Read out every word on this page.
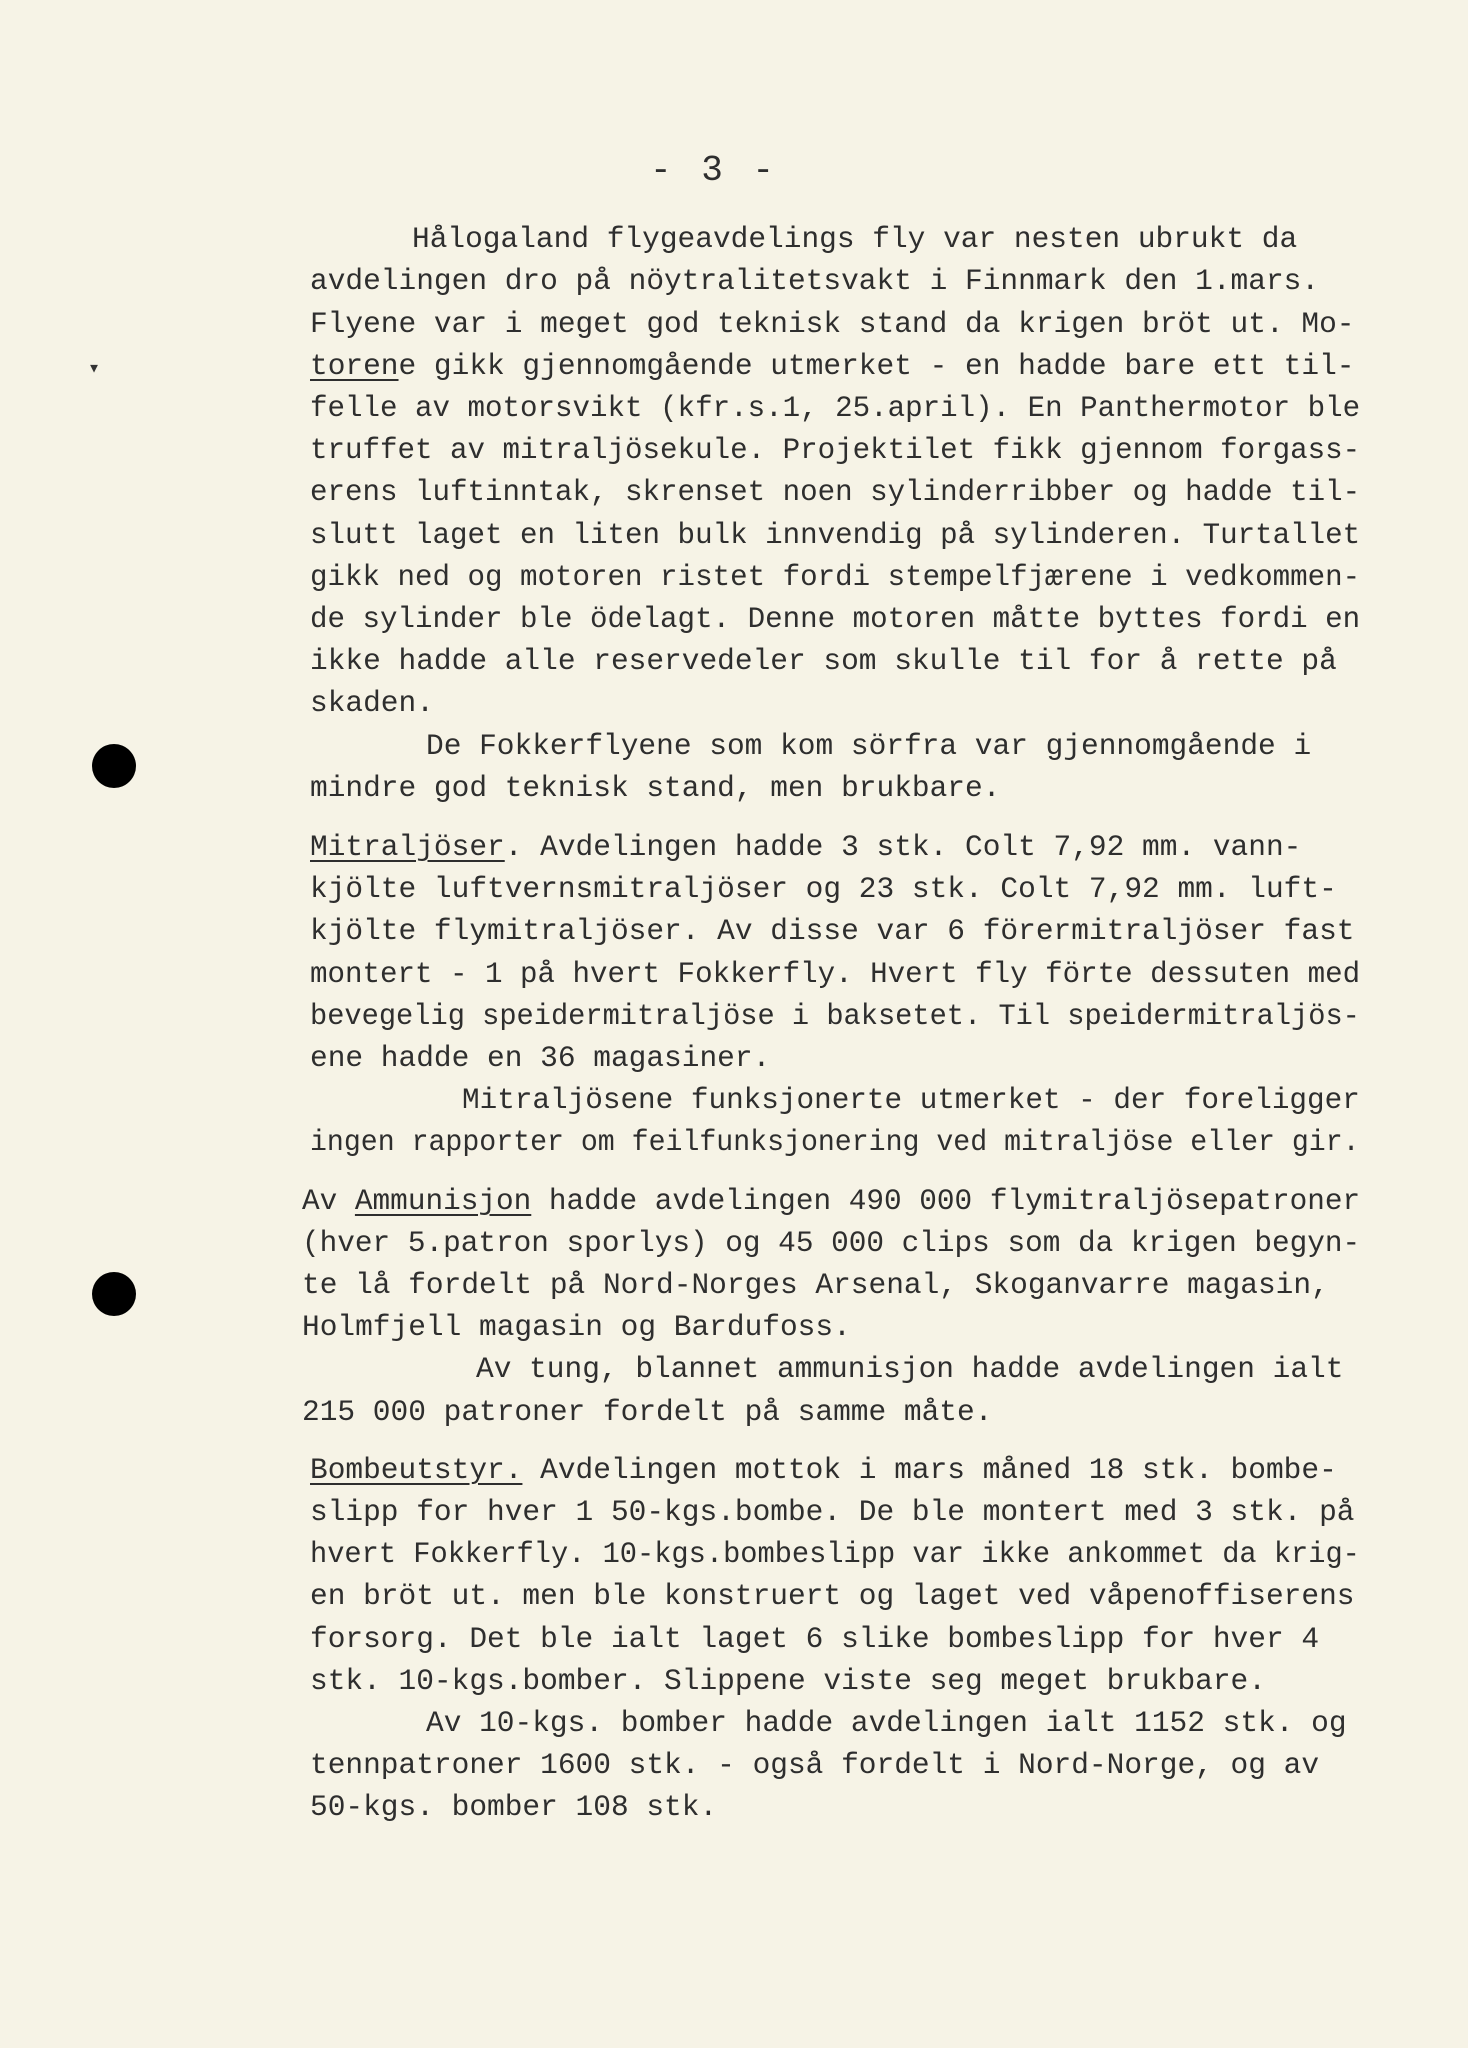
- 3 -
▾
Hålogaland flygeavdelings fly var nesten ubrukt da
avdelingen dro på nöytralitetsvakt i Finnmark den 1.mars.
Flyene var i meget god teknisk stand da krigen bröt ut. Mo-
torene gikk gjennomgående utmerket - en hadde bare ett til-
felle av motorsvikt (kfr.s.1, 25.april). En Panthermotor ble
truffet av mitraljösekule. Projektilet fikk gjennom forgass-
erens luftinntak, skrenset noen sylinderribber og hadde til-
slutt laget en liten bulk innvendig på sylinderen. Turtallet
gikk ned og motoren ristet fordi stempelfjærene i vedkommen-
de sylinder ble ödelagt. Denne motoren måtte byttes fordi en
ikke hadde alle reservedeler som skulle til for å rette på
skaden.
De Fokkerflyene som kom sörfra var gjennomgående i
mindre god teknisk stand, men brukbare.
Mitraljöser. Avdelingen hadde 3 stk. Colt 7,92 mm. vann-
kjölte luftvernsmitraljöser og 23 stk. Colt 7,92 mm. luft-
kjölte flymitraljöser. Av disse var 6 förermitraljöser fast
montert - 1 på hvert Fokkerfly. Hvert fly förte dessuten med
bevegelig speidermitraljöse i baksetet. Til speidermitraljös-
ene hadde en 36 magasiner.
Mitraljösene funksjonerte utmerket - der foreligger
ingen rapporter om feilfunksjonering ved mitraljöse eller gir.
Av Ammunisjon hadde avdelingen 490 000 flymitraljösepatroner
(hver 5.patron sporlys) og 45 000 clips som da krigen begyn-
te lå fordelt på Nord-Norges Arsenal, Skoganvarre magasin,
Holmfjell magasin og Bardufoss.
Av tung, blannet ammunisjon hadde avdelingen ialt
215 000 patroner fordelt på samme måte.
Bombeutstyr. Avdelingen mottok i mars måned 18 stk. bombe-
slipp for hver 1 50-kgs.bombe. De ble montert med 3 stk. på
hvert Fokkerfly. 10-kgs.bombeslipp var ikke ankommet da krig-
en bröt ut. men ble konstruert og laget ved våpenoffiserens
forsorg. Det ble ialt laget 6 slike bombeslipp for hver 4
stk. 10-kgs.bomber. Slippene viste seg meget brukbare.
Av 10-kgs. bomber hadde avdelingen ialt 1152 stk. og
tennpatroner 1600 stk. - også fordelt i Nord-Norge, og av
50-kgs. bomber 108 stk.
